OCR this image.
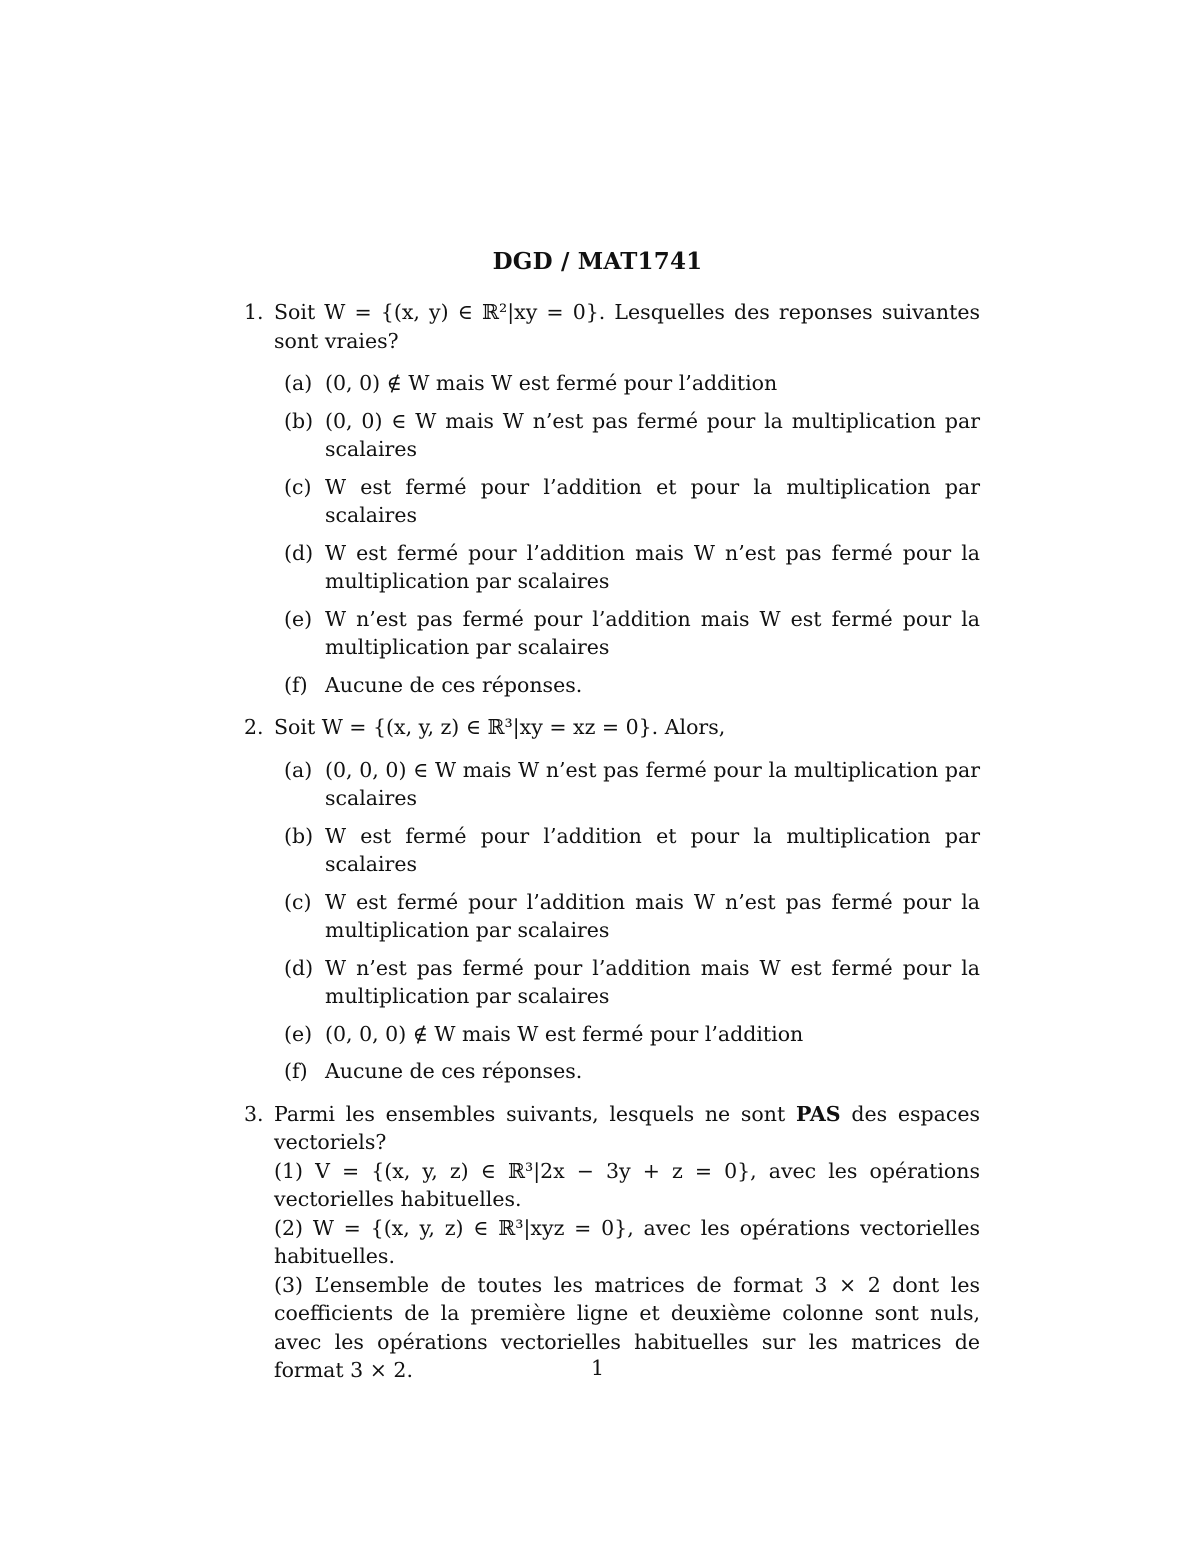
DGD / MAT1741
1. Soit W = {(x, y) ∈ ℝ²|xy = 0}. Lesquelles des reponses suivantes sont vraies?
(a) (0, 0) ∉ W mais W est fermé pour l’addition
(b) (0, 0) ∈ W mais W n’est pas fermé pour la multiplication par scalaires
(c) W est fermé pour l’addition et pour la multiplication par scalaires
(d) W est fermé pour l’addition mais W n’est pas fermé pour la multiplication par scalaires
(e) W n’est pas fermé pour l’addition mais W est fermé pour la multiplication par scalaires
(f) Aucune de ces réponses.
2. Soit W = {(x, y, z) ∈ ℝ³|xy = xz = 0}. Alors,
(a) (0, 0, 0) ∈ W mais W n’est pas fermé pour la multiplication par scalaires
(b) W est fermé pour l’addition et pour la multiplication par scalaires
(c) W est fermé pour l’addition mais W n’est pas fermé pour la multiplication par scalaires
(d) W n’est pas fermé pour l’addition mais W est fermé pour la multiplication par scalaires
(e) (0, 0, 0) ∉ W mais W est fermé pour l’addition
(f) Aucune de ces réponses.
3. Parmi les ensembles suivants, lesquels ne sont PAS des espaces vectoriels?
(1) V = {(x, y, z) ∈ ℝ³|2x − 3y + z = 0}, avec les opérations vectorielles habituelles.
(2) W = {(x, y, z) ∈ ℝ³|xyz = 0}, avec les opérations vectorielles habituelles.
(3) L’ensemble de toutes les matrices de format 3 × 2 dont les coefficients de la première ligne et deuxième colonne sont nuls, avec les opérations vectorielles habituelles sur les matrices de format 3 × 2.	1
